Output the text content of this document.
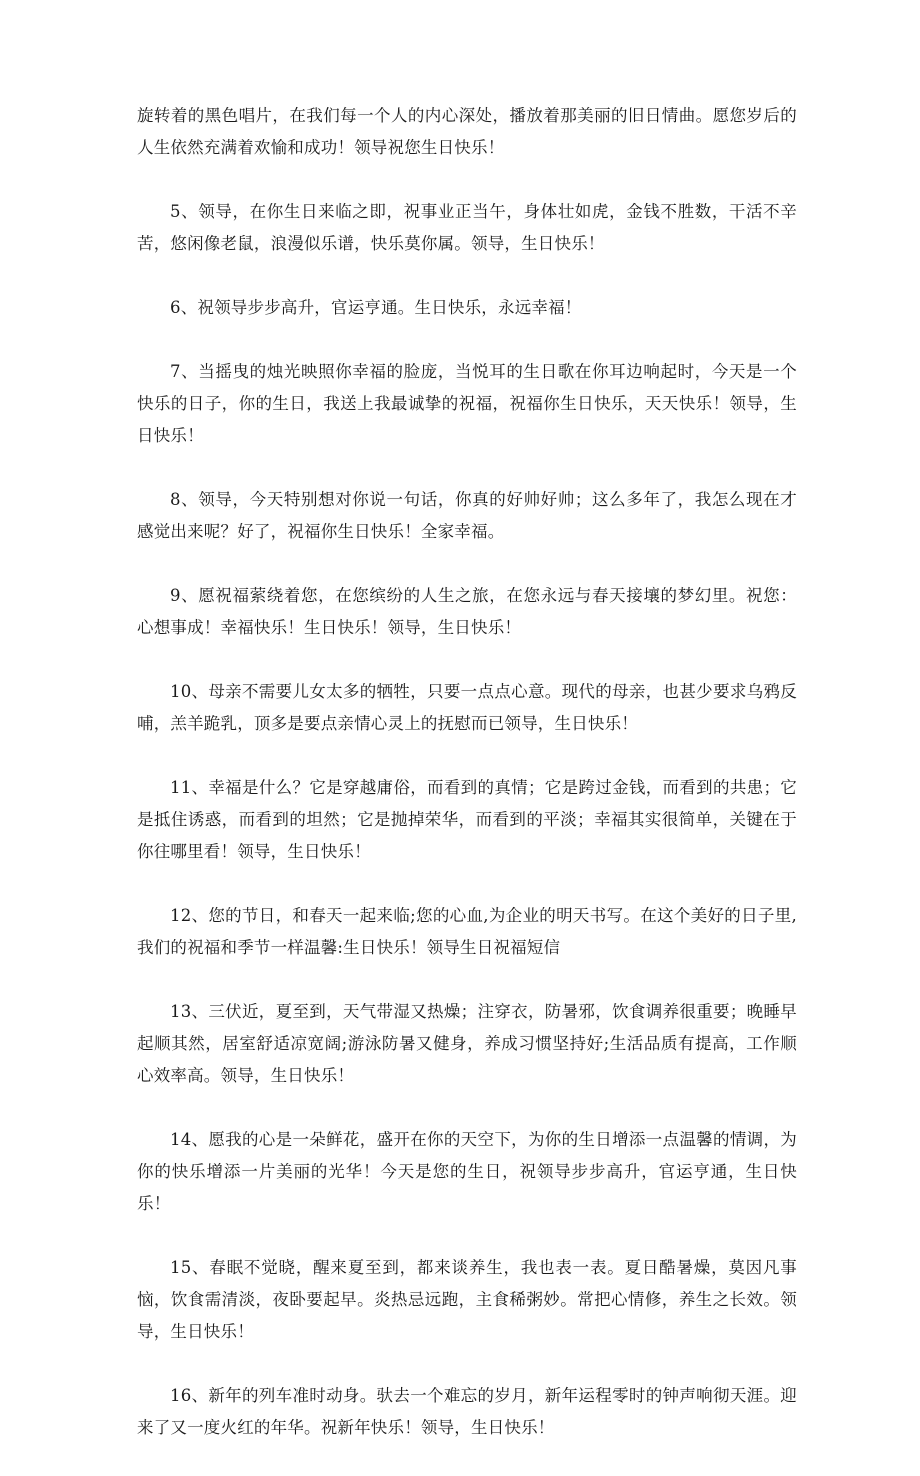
旋转着的黑色唱片，在我们每一个人的内心深处，播放着那美丽的旧日情曲。愿您岁后的人生依然充满着欢愉和成功！领导祝您生日快乐！

5、领导，在你生日来临之即，祝事业正当午，身体壮如虎，金钱不胜数，干活不辛苦，悠闲像老鼠，浪漫似乐谱，快乐莫你属。领导，生日快乐！

6、祝领导步步高升，官运亨通。生日快乐，永远幸福！

7、当摇曳的烛光映照你幸福的脸庞，当悦耳的生日歌在你耳边响起时，今天是一个快乐的日子，你的生日，我送上我最诚挚的祝福，祝福你生日快乐，天天快乐！领导，生日快乐！

8、领导，今天特别想对你说一句话，你真的好帅好帅；这么多年了，我怎么现在才感觉出来呢？好了，祝福你生日快乐！全家幸福。

9、愿祝福萦绕着您，在您缤纷的人生之旅，在您永远与春天接壤的梦幻里。祝您：心想事成！幸福快乐！生日快乐！领导，生日快乐！

10、母亲不需要儿女太多的牺牲，只要一点点心意。现代的母亲，也甚少要求乌鸦反哺，羔羊跪乳，顶多是要点亲情心灵上的抚慰而已领导，生日快乐！

11、幸福是什么？它是穿越庸俗，而看到的真情；它是跨过金钱，而看到的共患；它是抵住诱惑，而看到的坦然；它是抛掉荣华，而看到的平淡；幸福其实很简单，关键在于你往哪里看！领导，生日快乐！

12、您的节日，和春天一起来临;您的心血,为企业的明天书写。在这个美好的日子里,我们的祝福和季节一样温馨:生日快乐！领导生日祝福短信

13、三伏近，夏至到，天气带湿又热燥；注穿衣，防暑邪，饮食调养很重要；晚睡早起顺其然，居室舒适凉宽阔;游泳防暑又健身，养成习惯坚持好;生活品质有提高，工作顺心效率高。领导，生日快乐！

14、愿我的心是一朵鲜花，盛开在你的天空下，为你的生日增添一点温馨的情调，为你的快乐增添一片美丽的光华！今天是您的生日，祝领导步步高升，官运亨通，生日快乐！

15、春眠不觉晓，醒来夏至到，都来谈养生，我也表一表。夏日酷暑燥，莫因凡事恼，饮食需清淡，夜卧要起早。炎热忌远跑，主食稀粥妙。常把心情修，养生之长效。领导，生日快乐！

16、新年的列车准时动身。驮去一个难忘的岁月，新年运程零时的钟声响彻天涯。迎来了又一度火红的年华。祝新年快乐！领导，生日快乐！
